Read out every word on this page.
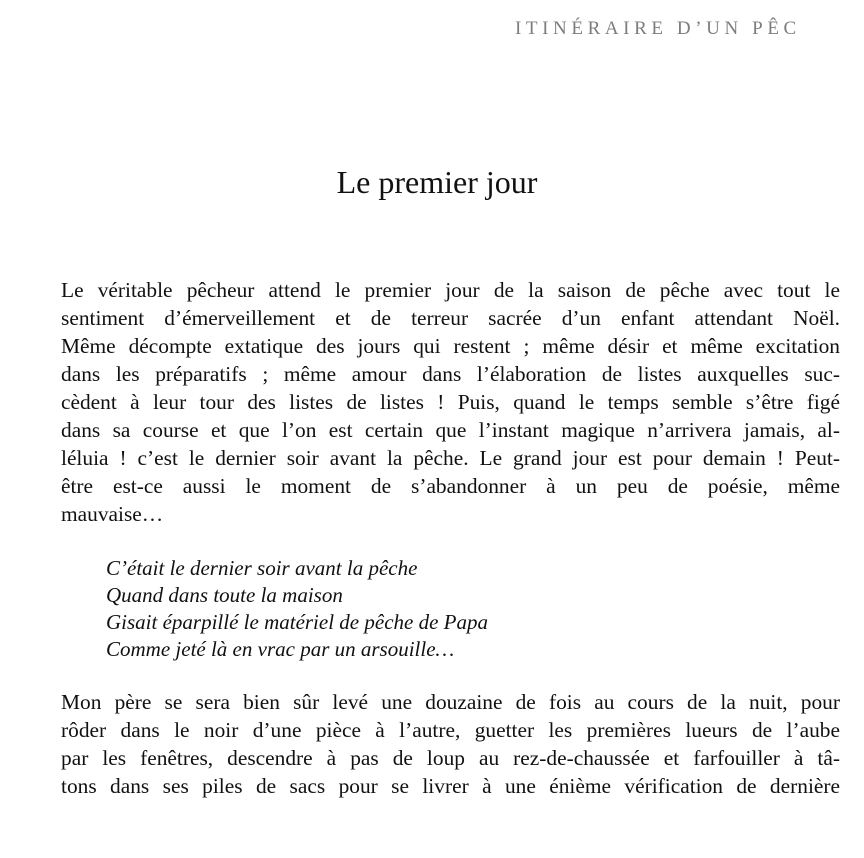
ITINÉRAIRE D’UN PÊC
Le premier jour
Le véritable pêcheur attend le premier jour de la saison de pêche avec tout le
sentiment d’émerveillement et de terreur sacrée d’un enfant attendant Noël.
Même décompte extatique des jours qui restent ; même désir et même excitation
dans les préparatifs ; même amour dans l’élaboration de listes auxquelles suc-
cèdent à leur tour des listes de listes ! Puis, quand le temps semble s’être figé
dans sa course et que l’on est certain que l’instant magique n’arrivera jamais, al-
léluia ! c’est le dernier soir avant la pêche. Le grand jour est pour demain ! Peut-
être est-ce aussi le moment de s’abandonner à un peu de poésie, même
mauvaise…
C’était le dernier soir avant la pêche
Quand dans toute la maison
Gisait éparpillé le matériel de pêche de Papa
Comme jeté là en vrac par un arsouille…
Mon père se sera bien sûr levé une douzaine de fois au cours de la nuit, pour
rôder dans le noir d’une pièce à l’autre, guetter les premières lueurs de l’aube
par les fenêtres, descendre à pas de loup au rez-de-chaussée et farfouiller à tâ-
tons dans ses piles de sacs pour se livrer à une énième vérification de dernière
